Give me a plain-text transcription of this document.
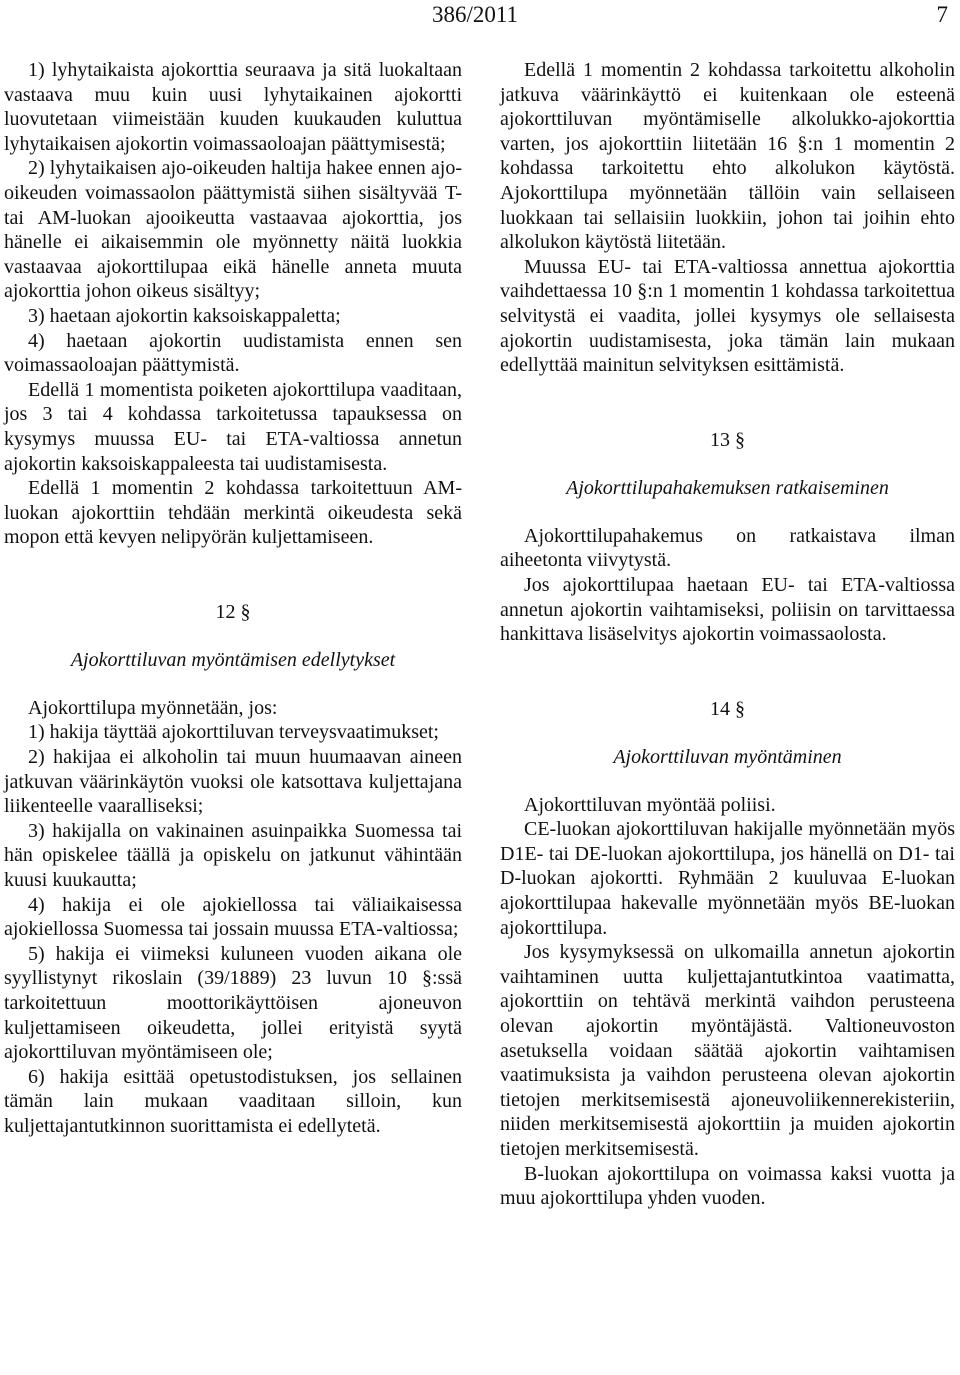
386/2011	7

1) lyhytaikaista ajokorttia seuraava ja sitä luokaltaan vastaava muu kuin uusi lyhytaikainen ajokortti luovutetaan viimeistään kuuden kuukauden kuluttua lyhytaikaisen ajokortin voimassaoloajan päättymisestä;

2) lyhytaikaisen ajo-oikeuden haltija hakee ennen ajo-oikeuden voimassaolon päättymistä siihen sisältyvää T- tai AM-luokan ajooikeutta vastaavaa ajokorttia, jos hänelle ei aikaisemmin ole myönnetty näitä luokkia vastaavaa ajokorttilupaa eikä hänelle anneta muuta ajokorttia johon oikeus sisältyy;

3) haetaan ajokortin kaksoiskappaletta;

4) haetaan ajokortin uudistamista ennen sen voimassaoloajan päättymistä.

Edellä 1 momentista poiketen ajokorttilupa vaaditaan, jos 3 tai 4 kohdassa tarkoitetussa tapauksessa on kysymys muussa EU- tai ETA-valtiossa annetun ajokortin kaksoiskappaleesta tai uudistamisesta.

Edellä 1 momentin 2 kohdassa tarkoitettuun AM-luokan ajokorttiin tehdään merkintä oikeudesta sekä mopon että kevyen nelipyörän kuljettamiseen.

12 §

Ajokorttiluvan myöntämisen edellytykset

Ajokorttilupa myönnetään, jos:

1) hakija täyttää ajokorttiluvan terveysvaatimukset;

2) hakijaa ei alkoholin tai muun huumaavan aineen jatkuvan väärinkäytön vuoksi ole katsottava kuljettajana liikenteelle vaaralliseksi;

3) hakijalla on vakinainen asuinpaikka Suomessa tai hän opiskelee täällä ja opiskelu on jatkunut vähintään kuusi kuukautta;

4) hakija ei ole ajokiellossa tai väliaikaisessa ajokiellossa Suomessa tai jossain muussa ETA-valtiossa;

5) hakija ei viimeksi kuluneen vuoden aikana ole syyllistynyt rikoslain (39/1889) 23 luvun 10 §:ssä tarkoitettuun moottorikäyttöisen ajoneuvon kuljettamiseen oikeudetta, jollei erityistä syytä ajokorttiluvan myöntämiseen ole;

6) hakija esittää opetustodistuksen, jos sellainen tämän lain mukaan vaaditaan silloin, kun kuljettajantutkinnon suorittamista ei edellytetä.

Edellä 1 momentin 2 kohdassa tarkoitettu alkoholin jatkuva väärinkäyttö ei kuitenkaan ole esteenä ajokorttiluvan myöntämiselle alkolukko-ajokorttia varten, jos ajokorttiin liitetään 16 §:n 1 momentin 2 kohdassa tarkoitettu ehto alkolukon käytöstä. Ajokorttilupa myönnetään tällöin vain sellaiseen luokkaan tai sellaisiin luokkiin, johon tai joihin ehto alkolukon käytöstä liitetään.

Muussa EU- tai ETA-valtiossa annettua ajokorttia vaihdettaessa 10 §:n 1 momentin 1 kohdassa tarkoitettua selvitystä ei vaadita, jollei kysymys ole sellaisesta ajokortin uudistamisesta, joka tämän lain mukaan edellyttää mainitun selvityksen esittämistä.

13 §

Ajokorttilupahakemuksen ratkaiseminen

Ajokorttilupahakemus on ratkaistava ilman aiheetonta viivytystä.

Jos ajokorttilupaa haetaan EU- tai ETA-valtiossa annetun ajokortin vaihtamiseksi, poliisin on tarvittaessa hankittava lisäselvitys ajokortin voimassaolosta.

14 §

Ajokorttiluvan myöntäminen

Ajokorttiluvan myöntää poliisi.

CE-luokan ajokorttiluvan hakijalle myönnetään myös D1E- tai DE-luokan ajokorttilupa, jos hänellä on D1- tai D-luokan ajokortti. Ryhmään 2 kuuluvaa E-luokan ajokorttilupaa hakevalle myönnetään myös BE-luokan ajokorttilupa.

Jos kysymyksessä on ulkomailla annetun ajokortin vaihtaminen uutta kuljettajantutkintoa vaatimatta, ajokorttiin on tehtävä merkintä vaihdon perusteena olevan ajokortin myöntäjästä. Valtioneuvoston asetuksella voidaan säätää ajokortin vaihtamisen vaatimuksista ja vaihdon perusteena olevan ajokortin tietojen merkitsemisestä ajoneuvoliikennerekisteriin, niiden merkitsemisestä ajokorttiin ja muiden ajokortin tietojen merkitsemisestä.

B-luokan ajokorttilupa on voimassa kaksi vuotta ja muu ajokorttilupa yhden vuoden.
